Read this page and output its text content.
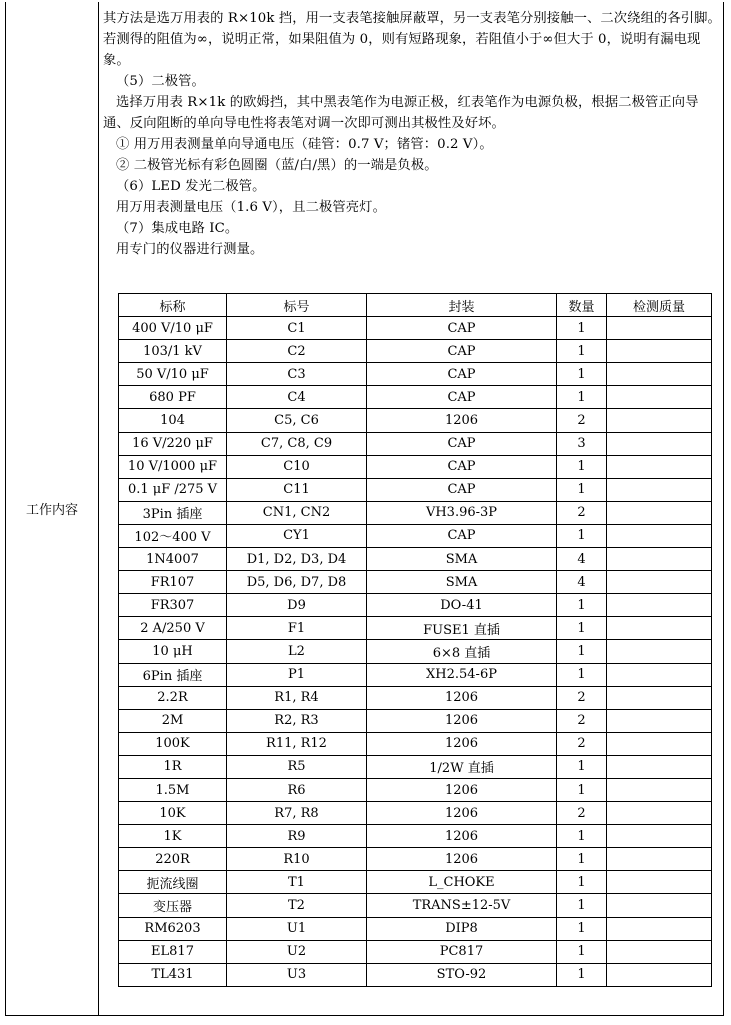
工作内容

其方法是选万用表的 R×10k 挡，用一支表笔接触屏蔽罩，另一支表笔分别接触一、二次绕组的各引脚。若测得的阻值为∞，说明正常，如果阻值为 0，则有短路现象，若阻值小于∞但大于 0，说明有漏电现象。

（5）二极管。

选择万用表 R×1k 的欧姆挡，其中黑表笔作为电源正极，红表笔作为电源负极，根据二极管正向导通、反向阻断的单向导电性将表笔对调一次即可测出其极性及好坏。

① 用万用表测量单向导通电压（硅管：0.7 V；锗管：0.2 V）。

② 二极管光标有彩色圆圈（蓝/白/黑）的一端是负极。

（6）LED 发光二极管。

用万用表测量电压（1.6 V），且二极管亮灯。

（7）集成电路 IC。

用专门的仪器进行测量。

标称	标号	封装	数量	检测质量
400 V/10 μF	C1	CAP	1	
103/1 kV	C2	CAP	1	
50 V/10 μF	C3	CAP	1	
680 PF	C4	CAP	1	
104	C5, C6	1206	2	
16 V/220 μF	C7, C8, C9	CAP	3	
10 V/1000 μF	C10	CAP	1	
0.1 μF /275 V	C11	CAP	1	
3Pin 插座	CN1, CN2	VH3.96-3P	2	
102～400 V	CY1	CAP	1	
1N4007	D1, D2, D3, D4	SMA	4	
FR107	D5, D6, D7, D8	SMA	4	
FR307	D9	DO-41	1	
2 A/250 V	F1	FUSE1 直插	1	
10 μH	L2	6×8 直插	1	
6Pin 插座	P1	XH2.54-6P	1	
2.2R	R1, R4	1206	2	
2M	R2, R3	1206	2	
100K	R11, R12	1206	2	
1R	R5	1/2W 直插	1	
1.5M	R6	1206	1	
10K	R7, R8	1206	2	
1K	R9	1206	1	
220R	R10	1206	1	
扼流线圈	T1	L_CHOKE	1	
变压器	T2	TRANS±12-5V	1	
RM6203	U1	DIP8	1	
EL817	U2	PC817	1	
TL431	U3	STO-92	1	
